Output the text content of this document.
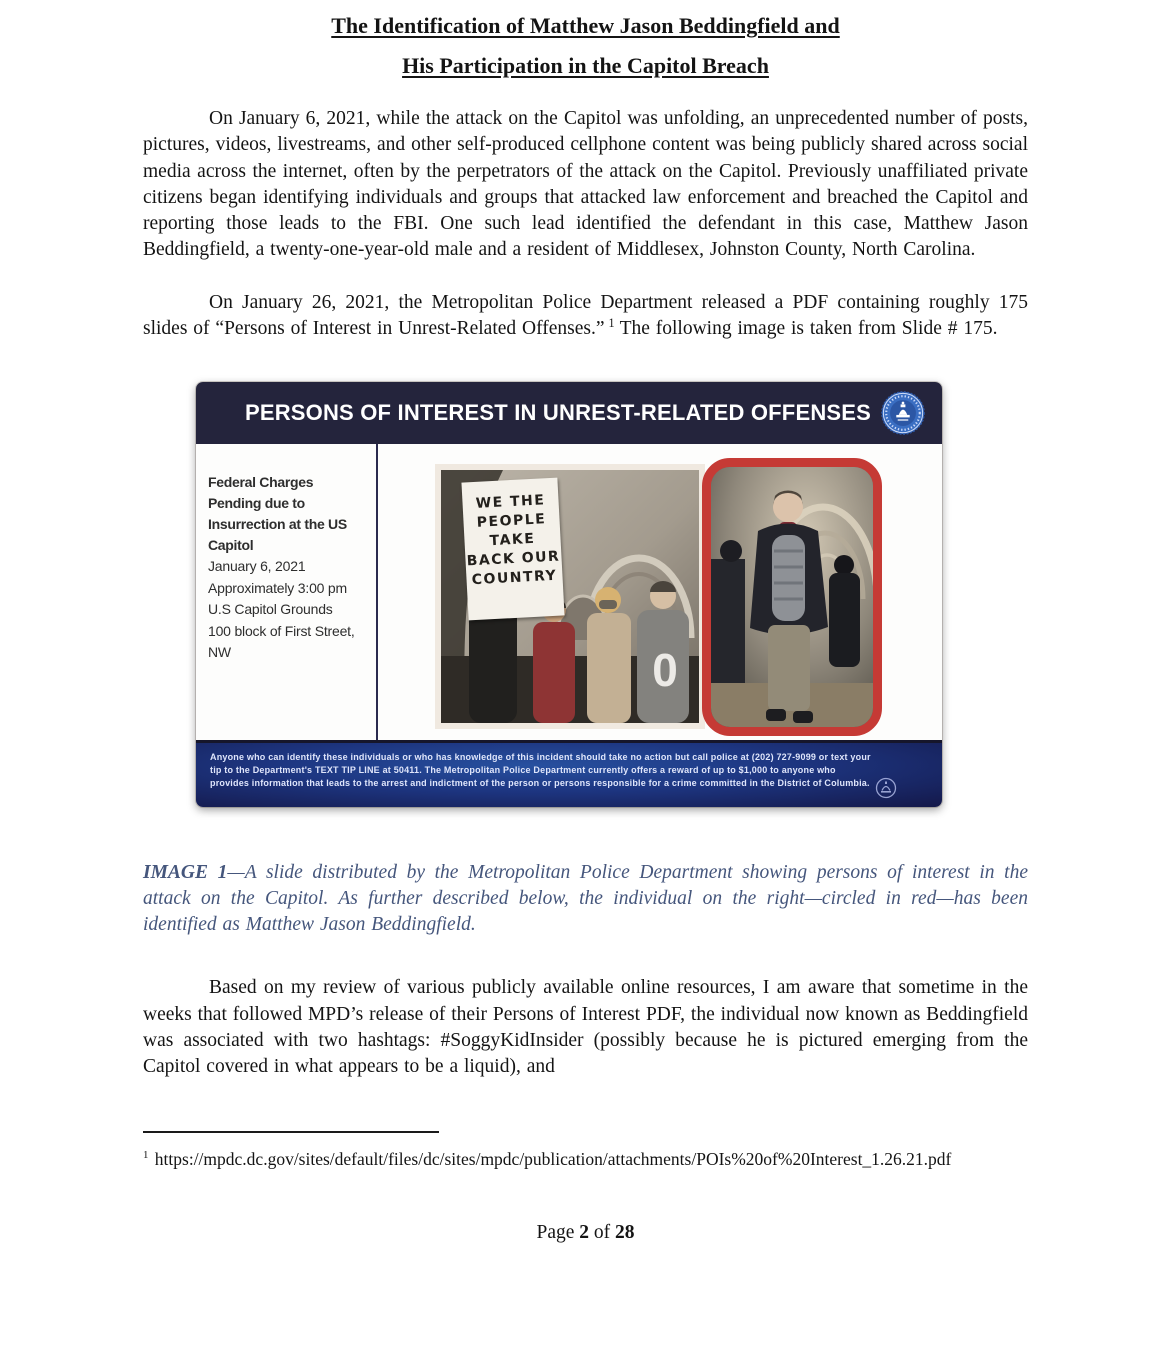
The Identification of Matthew Jason Beddingfield and
His Participation in the Capitol Breach

On January 6, 2021, while the attack on the Capitol was unfolding, an unprecedented number of posts, pictures, videos, livestreams, and other self-produced cellphone content was being publicly shared across social media across the internet, often by the perpetrators of the attack on the Capitol. Previously unaffiliated private citizens began identifying individuals and groups that attacked law enforcement and breached the Capitol and reporting those leads to the FBI. One such lead identified the defendant in this case, Matthew Jason Beddingfield, a twenty-one-year-old male and a resident of Middlesex, Johnston County, North Carolina.

On January 26, 2021, the Metropolitan Police Department released a PDF containing roughly 175 slides of “Persons of Interest in Unrest-Related Offenses.” $^1$ The following image is taken from Slide # 175.

PERSONS OF INTEREST IN UNREST-RELATED OFFENSES
Federal Charges Pending due to Insurrection at the US Capitol
January 6, 2021
Approximately 3:00 pm
U.S Capitol Grounds
100 block of First Street, NW	0
WE THE
PEOPLE
TAKE
BACK OUR
COUNTRY
Anyone who can identify these individuals or who has knowledge of this incident should take no action but call police at (202) 727-9099 or text your tip to the Department's TEXT TIP LINE at 50411. The Metropolitan Police Department currently offers a reward of up to $1,000 to anyone who provides information that leads to the arrest and indictment of the person or persons responsible for a crime committed in the District of Columbia.

IMAGE 1—A slide distributed by the Metropolitan Police Department showing persons of interest in the attack on the Capitol. As further described below, the individual on the right—circled in red—has been identified as Matthew Jason Beddingfield.

Based on my review of various publicly available online resources, I am aware that sometime in the weeks that followed MPD’s release of their Persons of Interest PDF, the individual now known as Beddingfield was associated with two hashtags: #SoggyKidInsider (possibly because he is pictured emerging from the Capitol covered in what appears to be a liquid), and

$^1$ https://mpdc.dc.gov/sites/default/files/dc/sites/mpdc/publication/attachments/POIs%20of%20Interest_1.26.21.pdf

Page 2 of 28
